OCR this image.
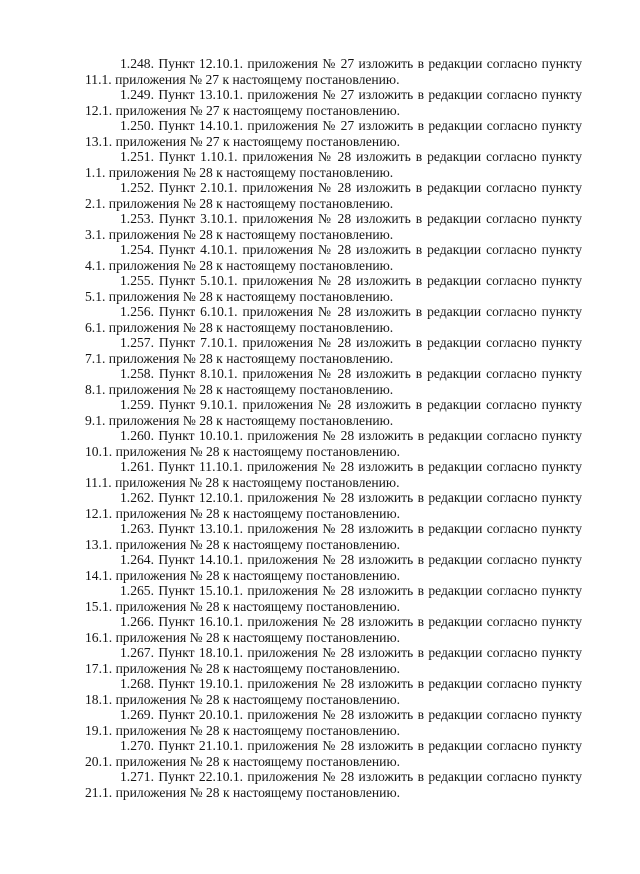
1.248. Пункт 12.10.1. приложения № 27 изложить в редакции согласно пункту 11.1. приложения № 27 к настоящему постановлению.

1.249. Пункт 13.10.1. приложения № 27 изложить в редакции согласно пункту 12.1. приложения № 27 к настоящему постановлению.

1.250. Пункт 14.10.1. приложения № 27 изложить в редакции согласно пункту 13.1. приложения № 27 к настоящему постановлению.

1.251. Пункт 1.10.1. приложения № 28 изложить в редакции согласно пункту 1.1. приложения № 28 к настоящему постановлению.

1.252. Пункт 2.10.1. приложения № 28 изложить в редакции согласно пункту 2.1. приложения № 28 к настоящему постановлению.

1.253. Пункт 3.10.1. приложения № 28 изложить в редакции согласно пункту 3.1. приложения № 28 к настоящему постановлению.

1.254. Пункт 4.10.1. приложения № 28 изложить в редакции согласно пункту 4.1. приложения № 28 к настоящему постановлению.

1.255. Пункт 5.10.1. приложения № 28 изложить в редакции согласно пункту 5.1. приложения № 28 к настоящему постановлению.

1.256. Пункт 6.10.1. приложения № 28 изложить в редакции согласно пункту 6.1. приложения № 28 к настоящему постановлению.

1.257. Пункт 7.10.1. приложения № 28 изложить в редакции согласно пункту 7.1. приложения № 28 к настоящему постановлению.

1.258. Пункт 8.10.1. приложения № 28 изложить в редакции согласно пункту 8.1. приложения № 28 к настоящему постановлению.

1.259. Пункт 9.10.1. приложения № 28 изложить в редакции согласно пункту 9.1. приложения № 28 к настоящему постановлению.

1.260. Пункт 10.10.1. приложения № 28 изложить в редакции согласно пункту 10.1. приложения № 28 к настоящему постановлению.

1.261. Пункт 11.10.1. приложения № 28 изложить в редакции согласно пункту 11.1. приложения № 28 к настоящему постановлению.

1.262. Пункт 12.10.1. приложения № 28 изложить в редакции согласно пункту 12.1. приложения № 28 к настоящему постановлению.

1.263. Пункт 13.10.1. приложения № 28 изложить в редакции согласно пункту 13.1. приложения № 28 к настоящему постановлению.

1.264. Пункт 14.10.1. приложения № 28 изложить в редакции согласно пункту 14.1. приложения № 28 к настоящему постановлению.

1.265. Пункт 15.10.1. приложения № 28 изложить в редакции согласно пункту 15.1. приложения № 28 к настоящему постановлению.

1.266. Пункт 16.10.1. приложения № 28 изложить в редакции согласно пункту 16.1. приложения № 28 к настоящему постановлению.

1.267. Пункт 18.10.1. приложения № 28 изложить в редакции согласно пункту 17.1. приложения № 28 к настоящему постановлению.

1.268. Пункт 19.10.1. приложения № 28 изложить в редакции согласно пункту 18.1. приложения № 28 к настоящему постановлению.

1.269. Пункт 20.10.1. приложения № 28 изложить в редакции согласно пункту 19.1. приложения № 28 к настоящему постановлению.

1.270. Пункт 21.10.1. приложения № 28 изложить в редакции согласно пункту 20.1. приложения № 28 к настоящему постановлению.

1.271. Пункт 22.10.1. приложения № 28 изложить в редакции согласно пункту 21.1. приложения № 28 к настоящему постановлению.
